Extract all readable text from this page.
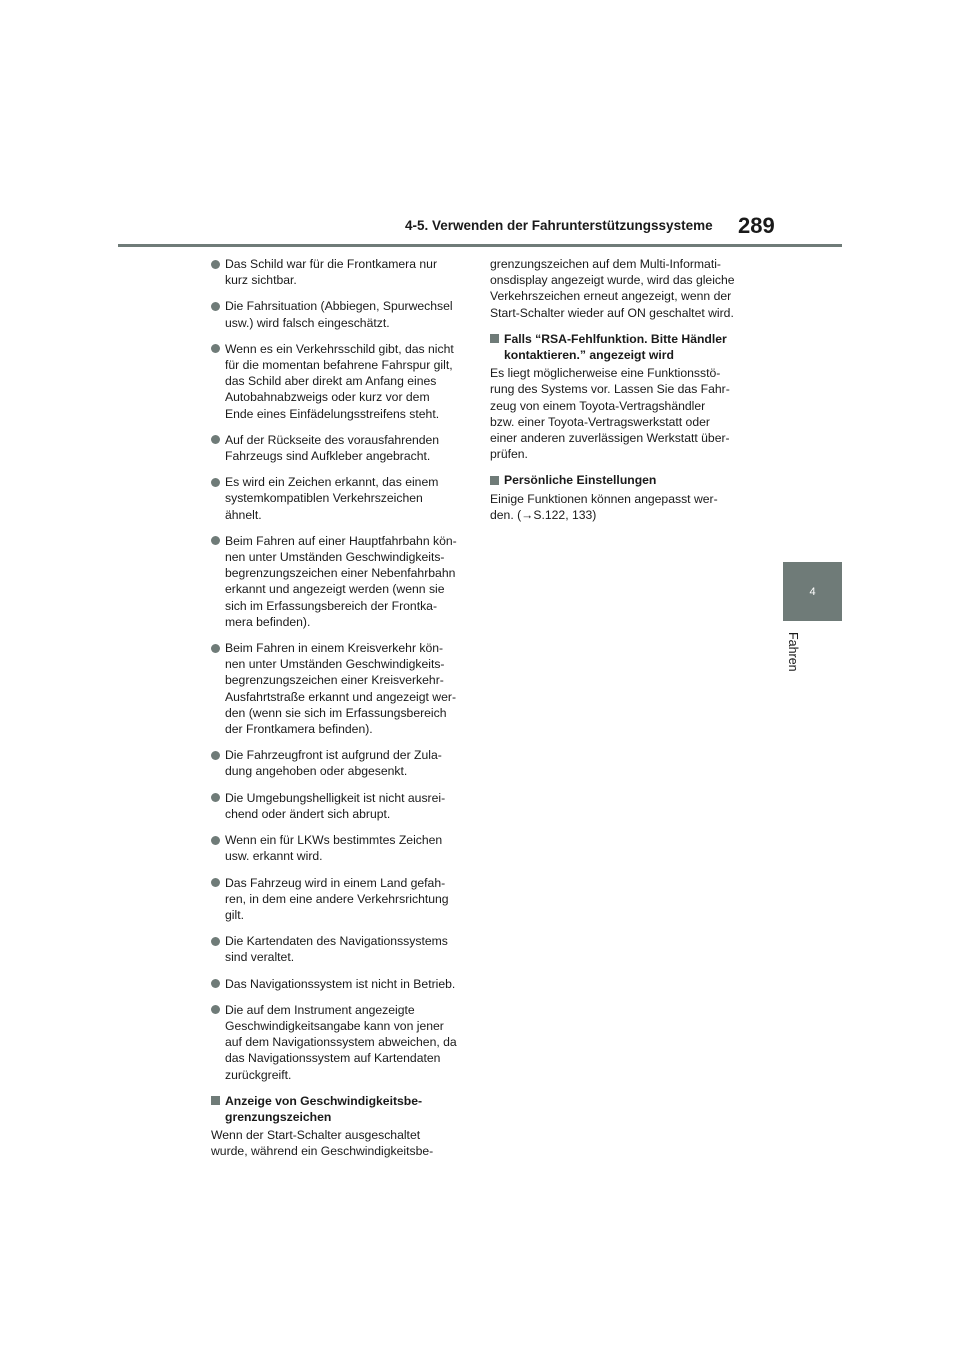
4-5. Verwenden der Fahrunterstützungssysteme 289
4
Fahren
Das Schild war für die Frontkamera nur
kurz sichtbar.
Die Fahrsituation (Abbiegen, Spurwechsel
usw.) wird falsch eingeschätzt.
Wenn es ein Verkehrsschild gibt, das nicht
für die momentan befahrene Fahrspur gilt,
das Schild aber direkt am Anfang eines
Autobahnabzweigs oder kurz vor dem
Ende eines Einfädelungsstreifens steht.
Auf der Rückseite des vorausfahrenden
Fahrzeugs sind Aufkleber angebracht.
Es wird ein Zeichen erkannt, das einem
systemkompatiblen Verkehrszeichen
ähnelt.
Beim Fahren auf einer Hauptfahrbahn kön-
nen unter Umständen Geschwindigkeits-
begrenzungszeichen einer Nebenfahrbahn
erkannt und angezeigt werden (wenn sie
sich im Erfassungsbereich der Frontka-
mera befinden).
Beim Fahren in einem Kreisverkehr kön-
nen unter Umständen Geschwindigkeits-
begrenzungszeichen einer Kreisverkehr-
Ausfahrtstraße erkannt und angezeigt wer-
den (wenn sie sich im Erfassungsbereich
der Frontkamera befinden).
Die Fahrzeugfront ist aufgrund der Zula-
dung angehoben oder abgesenkt.
Die Umgebungshelligkeit ist nicht ausrei-
chend oder ändert sich abrupt.
Wenn ein für LKWs bestimmtes Zeichen
usw. erkannt wird.
Das Fahrzeug wird in einem Land gefah-
ren, in dem eine andere Verkehrsrichtung
gilt.
Die Kartendaten des Navigationssystems
sind veraltet.
Das Navigationssystem ist nicht in Betrieb.
Die auf dem Instrument angezeigte
Geschwindigkeitsangabe kann von jener
auf dem Navigationssystem abweichen, da
das Navigationssystem auf Kartendaten
zurückgreift.
Anzeige von Geschwindigkeitsbe-
grenzungszeichen
Wenn der Start-Schalter ausgeschaltet
wurde, während ein Geschwindigkeitsbe-
grenzungszeichen auf dem Multi-Informati-
onsdisplay angezeigt wurde, wird das gleiche
Verkehrszeichen erneut angezeigt, wenn der
Start-Schalter wieder auf ON geschaltet wird.
Falls “RSA-Fehlfunktion. Bitte Händler
kontaktieren.” angezeigt wird
Es liegt möglicherweise eine Funktionsstö-
rung des Systems vor. Lassen Sie das Fahr-
zeug von einem Toyota-Vertragshändler
bzw. einer Toyota-Vertragswerkstatt oder
einer anderen zuverlässigen Werkstatt über-
prüfen.
Persönliche Einstellungen
Einige Funktionen können angepasst wer-
den. (→S.122, 133)
